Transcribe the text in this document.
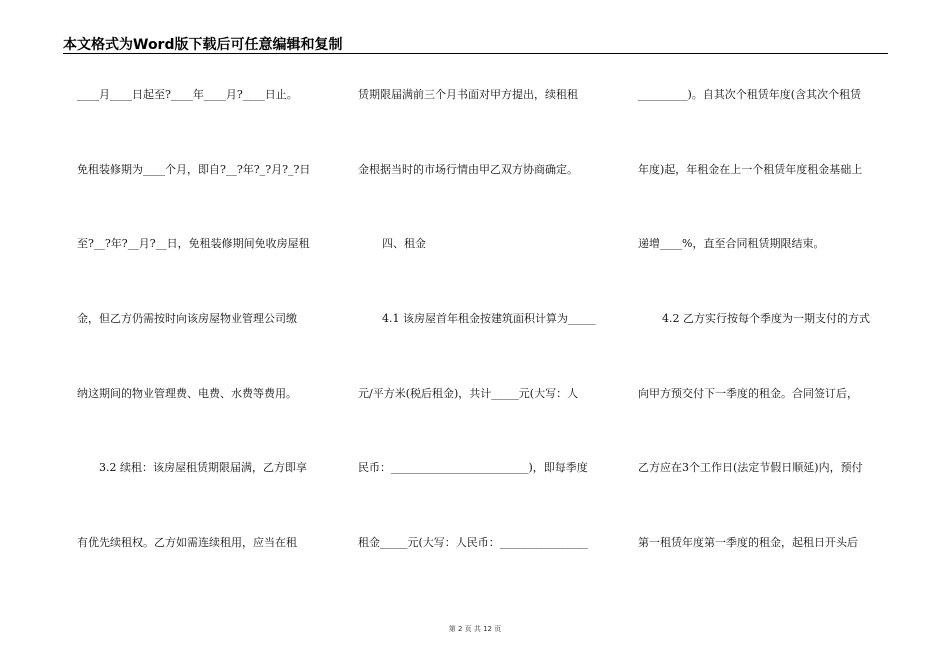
本文格式为Word版下载后可任意编辑和复制
____月____日起至?____年____月?____日止。
免租装修期为____个月，即自?__?年?_?月?_?日
至?__?年?__月?__日，免租装修期间免收房屋租
金，但乙方仍需按时向该房屋物业管理公司缴
纳这期间的物业管理费、电费、水费等费用。
3.2 续租：该房屋租赁期限届满，乙方即享
有优先续租权。乙方如需连续租用，应当在租
赁期限届满前三个月书面对甲方提出，续租租
金根据当时的市场行情由甲乙双方协商确定。
四、租金
4.1 该房屋首年租金按建筑面积计算为_____
元/平方米(税后租金)，共计_____元(大写：人
民币：_________________________)，即每季度
租金_____元(大写：人民币：________________
_________)。自其次个租赁年度(含其次个租赁
年度)起，年租金在上一个租赁年度租金基础上
递增____%，直至合同租赁期限结束。
4.2 乙方实行按每个季度为一期支付的方式
向甲方预交付下一季度的租金。合同签订后，
乙方应在3个工作日(法定节假日顺延)内，预付
第一租赁年度第一季度的租金，起租日开头后
第 2 页 共 12 页
